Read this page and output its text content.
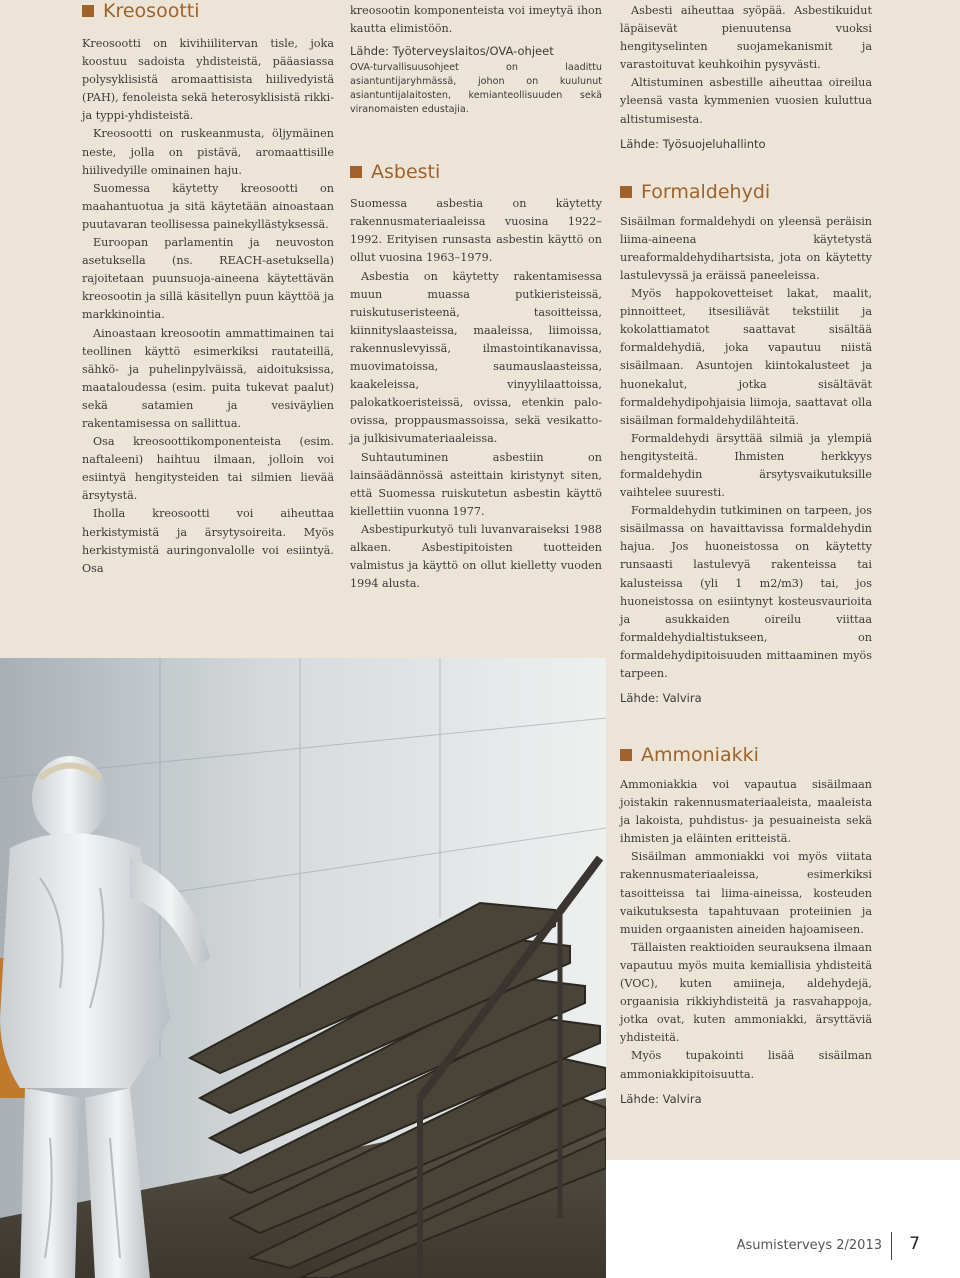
Kreosootti

Kreosootti on kivihiilitervan tisle, joka koostuu sadoista yhdisteistä, pääasiassa polysyklisistä aromaattisista hiilivedyistä (PAH), fenoleista sekä heterosyklisistä rikki- ja typpi-yhdisteistä.

Kreosootti on ruskeanmusta, öljymäinen neste, jolla on pistävä, aromaattisille hiilivedyille ominainen haju.

Suomessa käytetty kreosootti on maahantuotua ja sitä käytetään ainoastaan puutavaran teollisessa painekyllästyksessä.

Euroopan parlamentin ja neuvoston asetuksella (ns. REACH-asetuksella) rajoitetaan puunsuoja-aineena käytettävän kreosootin ja sillä käsitellyn puun käyttöä ja markkinointia.

Ainoastaan kreosootin ammattimainen tai teollinen käyttö esimerkiksi rautateillä, sähkö- ja puhelinpylväissä, aidoituksissa, maataloudessa (esim. puita tukevat paalut) sekä satamien ja vesiväylien rakentamisessa on sallittua.

Osa kreosoottikomponenteista (esim. naftaleeni) haihtuu ilmaan, jolloin voi esiintyä hengitysteiden tai silmien lievää ärsytystä.

Iholla kreosootti voi aiheuttaa herkistymistä ja ärsytysoireita. Myös herkistymistä auringonvalolle voi esiintyä. Osa

kreosootin komponenteista voi imeytyä ihon kautta elimistöön.

Lähde: Työterveyslaitos/OVA-ohjeet

OVA-turvallisuusohjeet on laadittu asiantuntijaryhmässä, johon on kuulunut asiantuntijalaitosten, kemianteollisuuden sekä viranomaisten edustajia.

Asbesti

Suomessa asbestia on käytetty rakennusmateriaaleissa vuosina 1922–1992. Erityisen runsasta asbestin käyttö on ollut vuosina 1963–1979.

Asbestia on käytetty rakentamisessa muun muassa putkieristeissä, ruiskutuseristeenä, tasoitteissa, kiinnityslaasteissa, maaleissa, liimoissa, rakennuslevyissä, ilmastointikanavissa, muovimatoissa, saumauslaasteissa, kaakeleissa, vinyylilaattoissa, palokatkoeristeissä, ovissa, etenkin palo-ovissa, proppausmassoissa, sekä vesikatto- ja julkisivumateriaaleissa.

Suhtautuminen asbestiin on lainsäädännössä asteittain kiristynyt siten, että Suomessa ruiskutetun asbestin käyttö kiellettiin vuonna 1977.

Asbestipurkutyö tuli luvanvaraiseksi 1988 alkaen. Asbestipitoisten tuotteiden valmistus ja käyttö on ollut kielletty vuoden 1994 alusta.

Asbesti aiheuttaa syöpää. Asbestikuidut läpäisevät pienuutensa vuoksi hengityselinten suojamekanismit ja varastoituvat keuhkoihin pysyvästi.

Altistuminen asbestille aiheuttaa oireilua yleensä vasta kymmenien vuosien kuluttua altistumisesta.

Lähde: Työsuojeluhallinto
Formaldehydi

Sisäilman formaldehydi on yleensä peräisin liima-aineena käytetystä ureaformaldehydihartsista, jota on käytetty lastulevyssä ja eräissä paneeleissa.

Myös happokovetteiset lakat, maalit, pinnoitteet, itsesiliävät tekstiilit ja kokolattiamatot saattavat sisältää formaldehydiä, joka vapautuu niistä sisäilmaan. Asuntojen kiintokalusteet ja huonekalut, jotka sisältävät formaldehydipohjaisia liimoja, saattavat olla sisäilman formaldehydilähteitä.

Formaldehydi ärsyttää silmiä ja ylempiä hengitysteitä. Ihmisten herkkyys formaldehydin ärsytysvaikutuksille vaihtelee suuresti.

Formaldehydin tutkiminen on tarpeen, jos sisäilmassa on havaittavissa formaldehydin hajua. Jos huoneistossa on käytetty runsaasti lastulevyä rakenteissa tai kalusteissa (yli 1 m2/m3) tai, jos huoneistossa on esiintynyt kosteusvaurioita ja asukkaiden oireilu viittaa formaldehydialtistukseen, on formaldehydipitoisuuden mittaaminen myös tarpeen.

Lähde: Valvira
Ammoniakki

Ammoniakkia voi vapautua sisäilmaan joistakin rakennusmateriaaleista, maaleista ja lakoista, puhdistus- ja pesuaineista sekä ihmisten ja eläinten eritteistä.

Sisäilman ammoniakki voi myös viitata rakennusmateriaaleissa, esimerkiksi tasoitteissa tai liima-aineissa, kosteuden vaikutuksesta tapahtuvaan proteiinien ja muiden orgaanisten aineiden hajoamiseen.

Tällaisten reaktioiden seurauksena ilmaan vapautuu myös muita kemiallisia yhdisteitä (VOC), kuten amiineja, aldehydejä, orgaanisia rikkiyhdisteitä ja rasvahappoja, jotka ovat, kuten ammoniakki, ärsyttäviä yhdisteitä.

Myös tupakointi lisää sisäilman ammoniakkipitoisuutta.

Lähde: Valvira
Asumisterveys 2/2013 7
